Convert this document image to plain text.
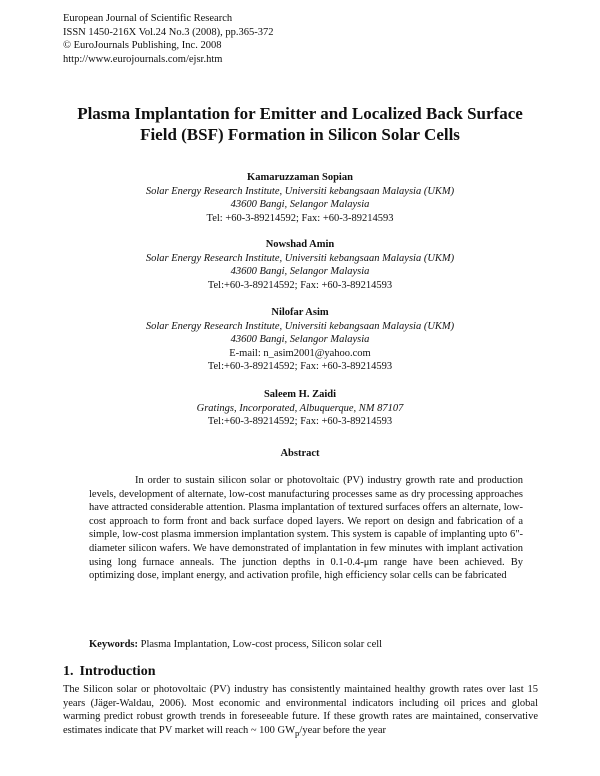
European Journal of Scientific Research
ISSN 1450-216X Vol.24 No.3 (2008), pp.365-372
© EuroJournals Publishing, Inc. 2008
http://www.eurojournals.com/ejsr.htm
Plasma Implantation for Emitter and Localized Back Surface
Field (BSF) Formation in Silicon Solar Cells
Kamaruzzaman Sopian
Solar Energy Research Institute, Universiti kebangsaan Malaysia (UKM)
43600 Bangi, Selangor Malaysia
Tel: +60-3-89214592; Fax: +60-3-89214593
Nowshad Amin
Solar Energy Research Institute, Universiti kebangsaan Malaysia (UKM)
43600 Bangi, Selangor Malaysia
Tel:+60-3-89214592; Fax: +60-3-89214593
Nilofar Asim
Solar Energy Research Institute, Universiti kebangsaan Malaysia (UKM)
43600 Bangi, Selangor Malaysia
E-mail: n_asim2001@yahoo.com
Tel:+60-3-89214592; Fax: +60-3-89214593
Saleem H. Zaidi
Gratings, Incorporated, Albuquerque, NM 87107
Tel:+60-3-89214592; Fax: +60-3-89214593
Abstract
In order to sustain silicon solar or photovoltaic (PV) industry growth rate and production levels, development of alternate, low-cost manufacturing processes same as dry processing approaches have attracted considerable attention. Plasma implantation of textured surfaces offers an alternate, low-cost approach to form front and back surface doped layers. We report on design and fabrication of a simple, low-cost plasma immersion implantation system. This system is capable of implanting upto 6"-diameter silicon wafers. We have demonstrated of implantation in few minutes with implant activation using long furnace anneals. The junction depths in 0.1-0.4-μm range have been achieved. By optimizing dose, implant energy, and activation profile, high efficiency solar cells can be fabricated
Keywords: Plasma Implantation, Low-cost process, Silicon solar cell
1. Introduction
The Silicon solar or photovoltaic (PV) industry has consistently maintained healthy growth rates over last 15 years (Jäger-Waldau, 2006). Most economic and environmental indicators including oil prices and global warming predict robust growth trends in foreseeable future. If these growth rates are maintained, conservative estimates indicate that PV market will reach ~ 100 $GW_p$/year before the year
